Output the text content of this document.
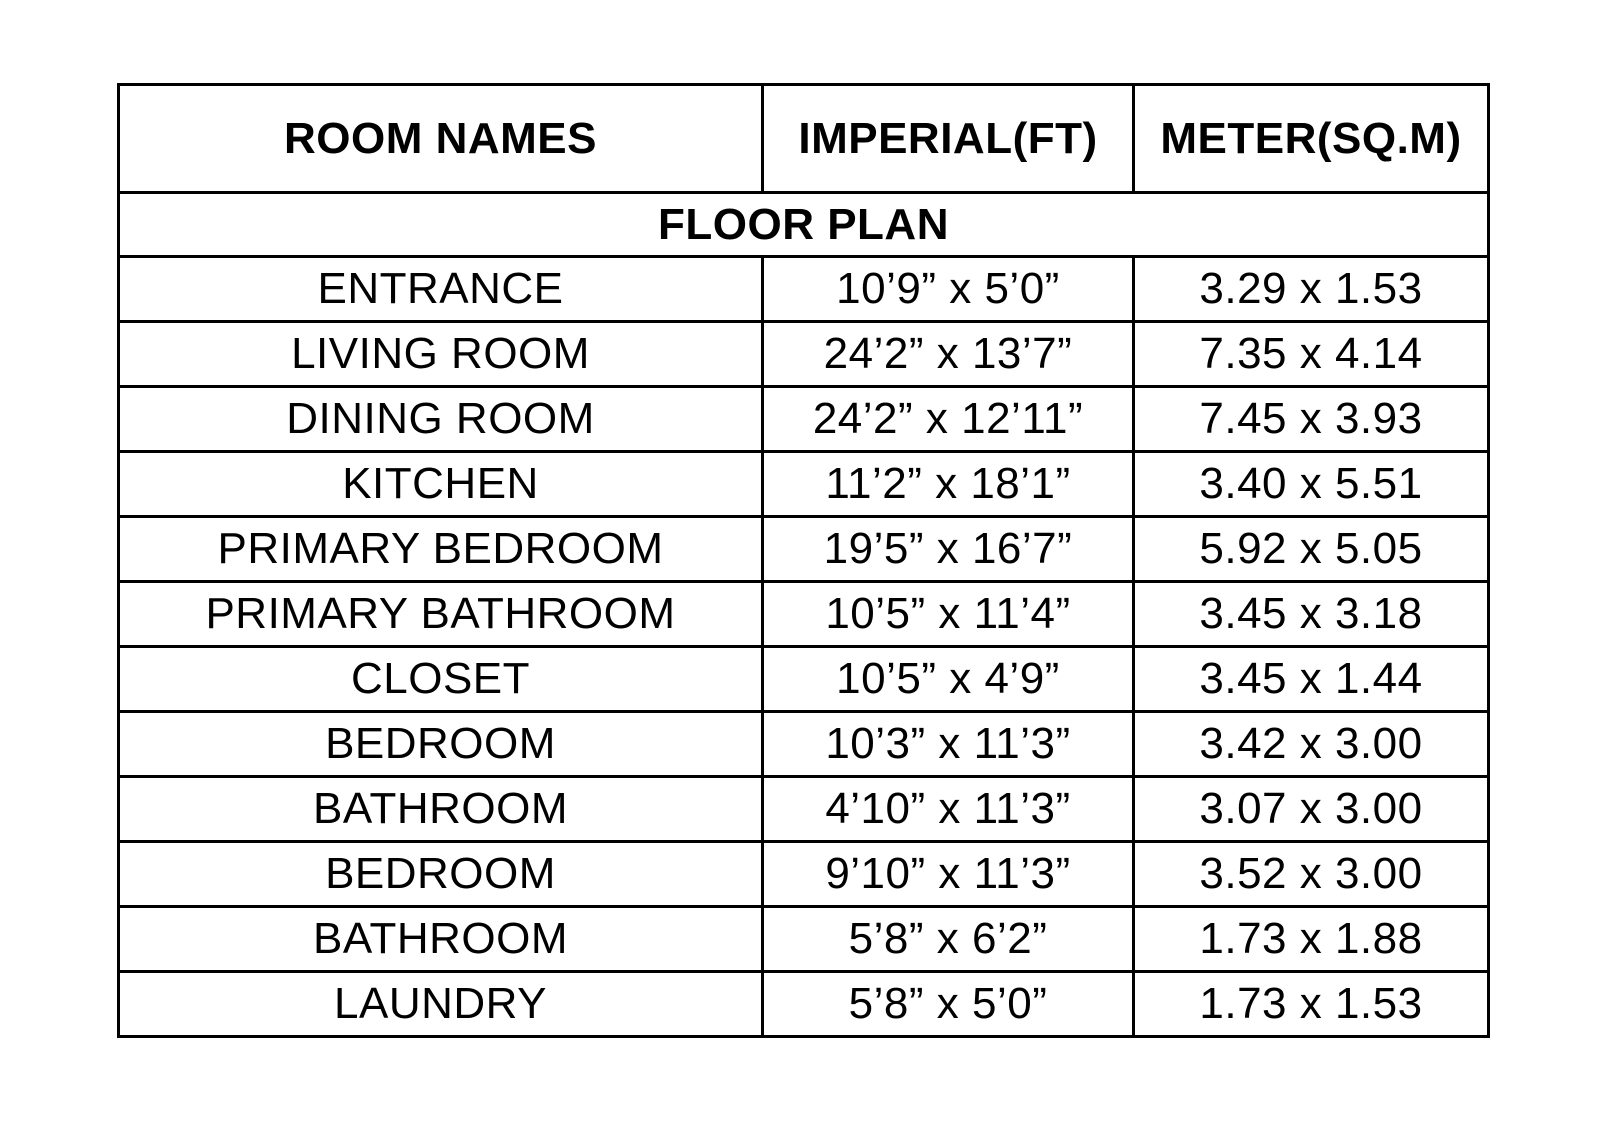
ROOM NAMES	IMPERIAL(FT)	METER(SQ.M)
FLOOR PLAN		
ENTRANCE	10’9” x 5’0”	3.29 x 1.53
LIVING ROOM	24’2” x 13’7”	7.35 x 4.14
DINING ROOM	24’2” x 12’11”	7.45 x 3.93
KITCHEN	11’2” x 18’1”	3.40 x 5.51
PRIMARY BEDROOM	19’5” x 16’7”	5.92 x 5.05
PRIMARY BATHROOM	10’5” x 11’4”	3.45 x 3.18
CLOSET	10’5” x 4’9”	3.45 x 1.44
BEDROOM	10’3” x 11’3”	3.42 x 3.00
BATHROOM	4’10” x 11’3”	3.07 x 3.00
BEDROOM	9’10” x 11’3”	3.52 x 3.00
BATHROOM	5’8” x 6’2”	1.73 x 1.88
LAUNDRY	5’8” x 5’0”	1.73 x 1.53
